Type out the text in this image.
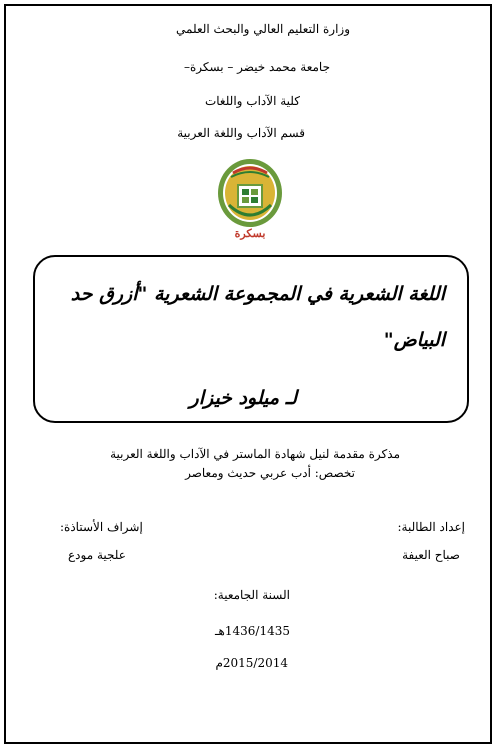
وزارة التعليم العالي والبحث العلمي
جامعة محمد خيضر – بسكرة–
كلية الآداب واللغات
قسم الآداب واللغة العربية
بسكرة
اللغة الشعرية في المجموعة الشعرية "أزرق حد
البياض"
لـ ميلود خيزار
مذكرة مقدمة لنيل شهادة الماستر في الآداب واللغة العربية
تخصص: أدب عربي حديث ومعاصر
إعداد الطالبة:
صباح العيفة
إشراف الأستاذة:
علجية مودع
السنة الجامعية:
1436/1435هـ
2015/2014م
